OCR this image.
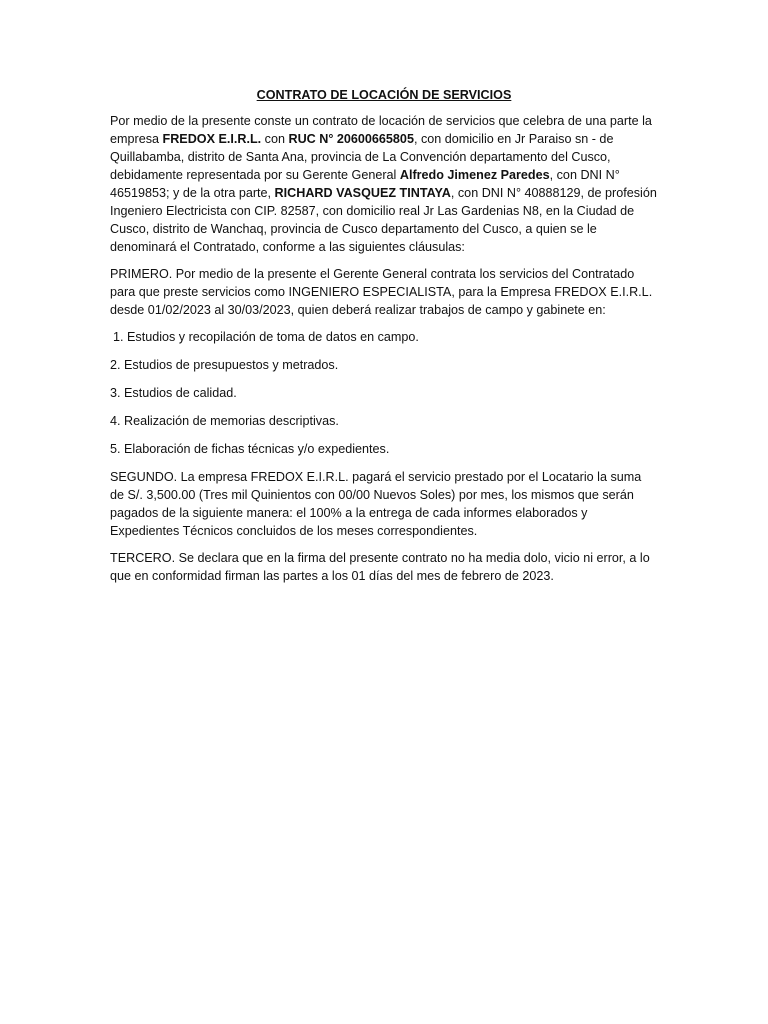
CONTRATO DE LOCACIÓN DE SERVICIOS

Por medio de la presente conste un contrato de locación de servicios que celebra de una parte la empresa FREDOX E.I.R.L. con RUC N° 20600665805, con domicilio en Jr Paraiso sn - de Quillabamba, distrito de Santa Ana, provincia de La Convención departamento del Cusco, debidamente representada por su Gerente General Alfredo Jimenez Paredes, con DNI N° 46519853; y de la otra parte, RICHARD VASQUEZ TINTAYA, con DNI N° 40888129, de profesión Ingeniero Electricista con CIP. 82587, con domicilio real Jr Las Gardenias N8, en la Ciudad de Cusco, distrito de Wanchaq, provincia de Cusco departamento del Cusco, a quien se le denominará el Contratado, conforme a las siguientes cláusulas:

PRIMERO. Por medio de la presente el Gerente General contrata los servicios del Contratado para que preste servicios como INGENIERO ESPECIALISTA, para la Empresa FREDOX E.I.R.L. desde 01/02/2023 al 30/03/2023, quien deberá realizar trabajos de campo y gabinete en:

1. Estudios y recopilación de toma de datos en campo.

2. Estudios de presupuestos y metrados.

3. Estudios de calidad.

4. Realización de memorias descriptivas.

5. Elaboración de fichas técnicas y/o expedientes.

SEGUNDO. La empresa FREDOX E.I.R.L. pagará el servicio prestado por el Locatario la suma de S/. 3,500.00 (Tres mil Quinientos con 00/00 Nuevos Soles) por mes, los mismos que serán pagados de la siguiente manera: el 100% a la entrega de cada informes elaborados y Expedientes Técnicos concluidos de los meses correspondientes.

TERCERO. Se declara que en la firma del presente contrato no ha media dolo, vicio ni error, a lo que en conformidad firman las partes a los 01 días del mes de febrero de 2023.
